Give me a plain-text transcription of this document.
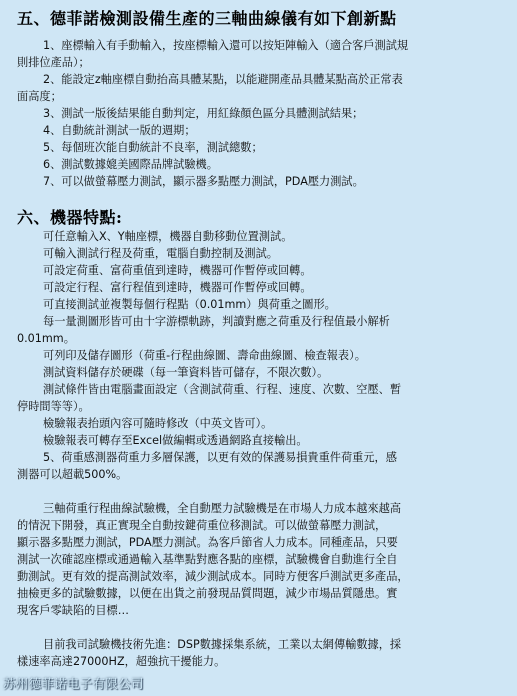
五、德菲諾檢測設備生產的三軸曲線儀有如下創新點
1、座標輸入有手動輸入，按座標輸入還可以按矩陣輸入（適合客戶測試規
則排位產品）；
2、能設定z軸座標自動抬高具體某點，以能避開產品具體某點高於正常表
面高度；
3、測試一版後結果能自動判定，用紅綠顏色區分具體測試結果；
4、自動統計測試一版的週期；
5、每個班次能自動統計不良率，測試總數；
6、測試數據媲美國際品牌試驗機。
7、可以做螢幕壓力測試，顯示器多點壓力測試，PDA壓力測試。
六、機器特點:
可任意輸入X、Y軸座標，機器自動移動位置測試。
可輸入測試行程及荷重，電腦自動控制及測試。
可設定荷重、富荷重值到達時，機器可作暫停或回轉。
可設定行程、富行程值到達時，機器可作暫停或回轉。
可直接測試並複製每個行程點（0.01mm）與荷重之圖形。
每一量測圖形皆可由十字游標軌跡，判讀對應之荷重及行程值最小解析
0.01mm。
可列印及儲存圖形（荷重-行程曲線圖、壽命曲線圖、檢查報表）。
測試資料儲存於硬碟（每一筆資料皆可儲存，不限次數）。
測試條件皆由電腦畫面設定（含測試荷重、行程、速度、次數、空壓、暫
停時間等等）。
檢驗報表抬頭內容可隨時修改（中英文皆可）。
檢驗報表可轉存至Excel做編輯或透過網路直接輸出。
5、荷重感測器荷重力多層保護，以更有效的保護易損貴重件荷重元，感
測器可以超載500%。
三軸荷重行程曲線試驗機，全自動壓力試驗機是在市場人力成本越來越高
的情況下開發，真正實現全自動按鍵荷重位移測試。可以做螢幕壓力測試，
顯示器多點壓力測試，PDA壓力測試。為客戶節省人力成本。同種產品，只要
測試一次確認座標或通過輸入基準點對應各點的座標，試驗機會自動進行全自
動測試。更有效的提高測試效率，減少測試成本。同時方便客戶測試更多產品，
抽檢更多的試驗數據，以便在出貨之前發現品質問題，減少市場品質隱患。實
現客戶零缺陷的目標…
目前我司試驗機技術先進：DSP數據採集系統，工業以太網傳輸數據，採
樣速率高達27000HZ，超強抗干擾能力。
苏州德菲诺电子有限公司
